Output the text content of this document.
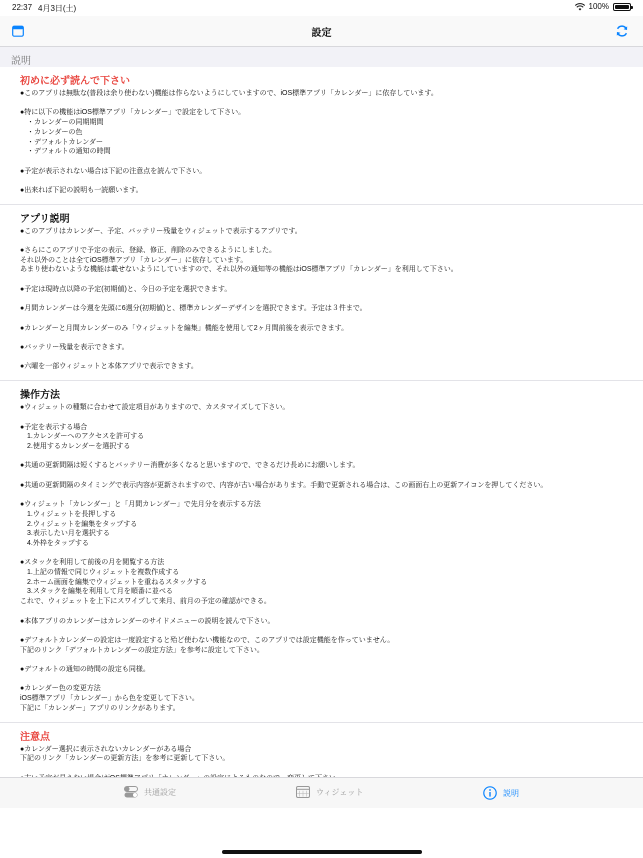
22:37 4月3日(土)	100%
設定
説明
初めに必ず読んで下さい
●このアプリは無駄な(普段は余り使わない)機能は作らないようにしていますので、iOS標準アプリ「カレンダー」に依存しています。
●特に以下の機能はiOS標準アプリ「カレンダー」で設定をして下さい。
　・カレンダーの同期期間
　・カレンダーの色
　・デフォルトカレンダー
　・デフォルトの通知の時間
●予定が表示されない場合は下記の注意点を読んで下さい。
●出来れば下記の説明も一読願います。
アプリ説明
●このアプリはカレンダー、予定、バッテリー残量をウィジェットで表示するアプリです。
●さらにこのアプリで予定の表示、登録、修正、削除のみできるようにしました。
それ以外のことは全てiOS標準アプリ「カレンダー」に依存しています。
あまり使わないような機能は載せないようにしていますので、それ以外の通知等の機能はiOS標準アプリ「カレンダー」を利用して下さい。
●予定は現時点以降の予定(初期値)と、今日の予定を選択できます。
●月間カレンダーは今週を先頭に6週分(初期値)と、標準カレンダーデザインを選択できます。予定は３件まで。
●カレンダーと月間カレンダーのみ「ウィジェットを編集」機能を使用して2ヶ月間前後を表示できます。
●バッテリー残量を表示できます。
●六曜を一部ウィジェットと本体アプリで表示できます。
操作方法
●ウィジェットの種類に合わせて設定項目がありますので、カスタマイズして下さい。
●予定を表示する場合
　1.カレンダーへのアクセスを許可する
　2.使用するカレンダーを選択する
●共通の更新間隔は短くするとバッテリー消費が多くなると思いますので、できるだけ長めにお願いします。
●共通の更新間隔のタイミングで表示内容が更新されますので、内容が古い場合があります。手動で更新される場合は、この画面右上の更新アイコンを押してください。
●ウィジェット「カレンダー」と「月間カレンダー」で先月分を表示する方法
　1.ウィジェットを長押しする
　2.ウィジェットを編集をタップする
　3.表示したい月を選択する
　4.外枠をタップする
●スタックを利用して前後の月を閲覧する方法
　1.上記の情報で同じウィジェットを複数作成する
　2.ホーム画面を編集でウィジェットを重ねるスタックする
　3.スタックを編集を利用して月を順番に並べる
これで、ウィジェットを上下にスワイプして来月、前月の予定の確認ができる。
●本体アプリのカレンダーはカレンダーのサイドメニューの説明を読んで下さい。
●デフォルトカレンダーの設定は一度設定すると殆ど使わない機能なので、このアプリでは設定機能を作っていません。
下記のリンク「デフォルトカレンダーの設定方法」を参考に設定して下さい。
●デフォルトの通知の時間の設定も同様。
●カレンダー色の変更方法
iOS標準アプリ「カレンダー」から色を変更して下さい。
下記に「カレンダー」アプリのリンクがあります。
注意点
●カレンダー選択に表示されないカレンダーがある場合
下記のリンク「カレンダーの更新方法」を参考に更新して下さい。
共通設定	ウィジェット	説明
